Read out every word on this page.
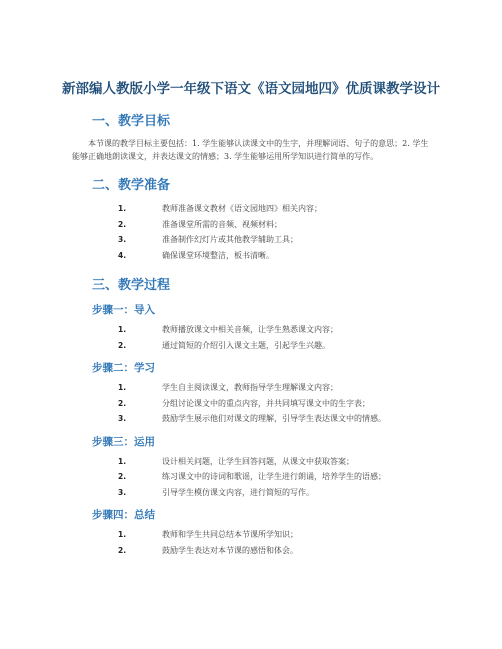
新部编人教版小学一年级下语文《语文园地四》优质课教学设计
一、教学目标

本节课的教学目标主要包括：1. 学生能够认读课文中的生字，并理解词语、句子的意思；2. 学生能够正确地朗读课文，并表达课文的情感；3. 学生能够运用所学知识进行简单的写作。

二、教学准备
1.	教师准备课文教材《语文园地四》相关内容；
2.	准备课堂所需的音频、视频材料；
3.	准备制作幻灯片或其他教学辅助工具；
4.	确保课堂环境整洁，板书清晰。
三、教学过程
步骤一：导入
1.	教师播放课文中相关音频，让学生熟悉课文内容；
2.	通过简短的介绍引入课文主题，引起学生兴趣。
步骤二：学习
1.	学生自主阅读课文，教师指导学生理解课文内容；
2.	分组讨论课文中的重点内容，并共同填写课文中的生字表；
3.	鼓励学生展示他们对课文的理解，引导学生表达课文中的情感。
步骤三：运用
1.	设计相关问题，让学生回答问题，从课文中获取答案；
2.	练习课文中的诗词和歌谣，让学生进行朗诵，培养学生的语感；
3.	引导学生模仿课文内容，进行简短的写作。
步骤四：总结
1.	教师和学生共同总结本节课所学知识；
2.	鼓励学生表达对本节课的感悟和体会。
